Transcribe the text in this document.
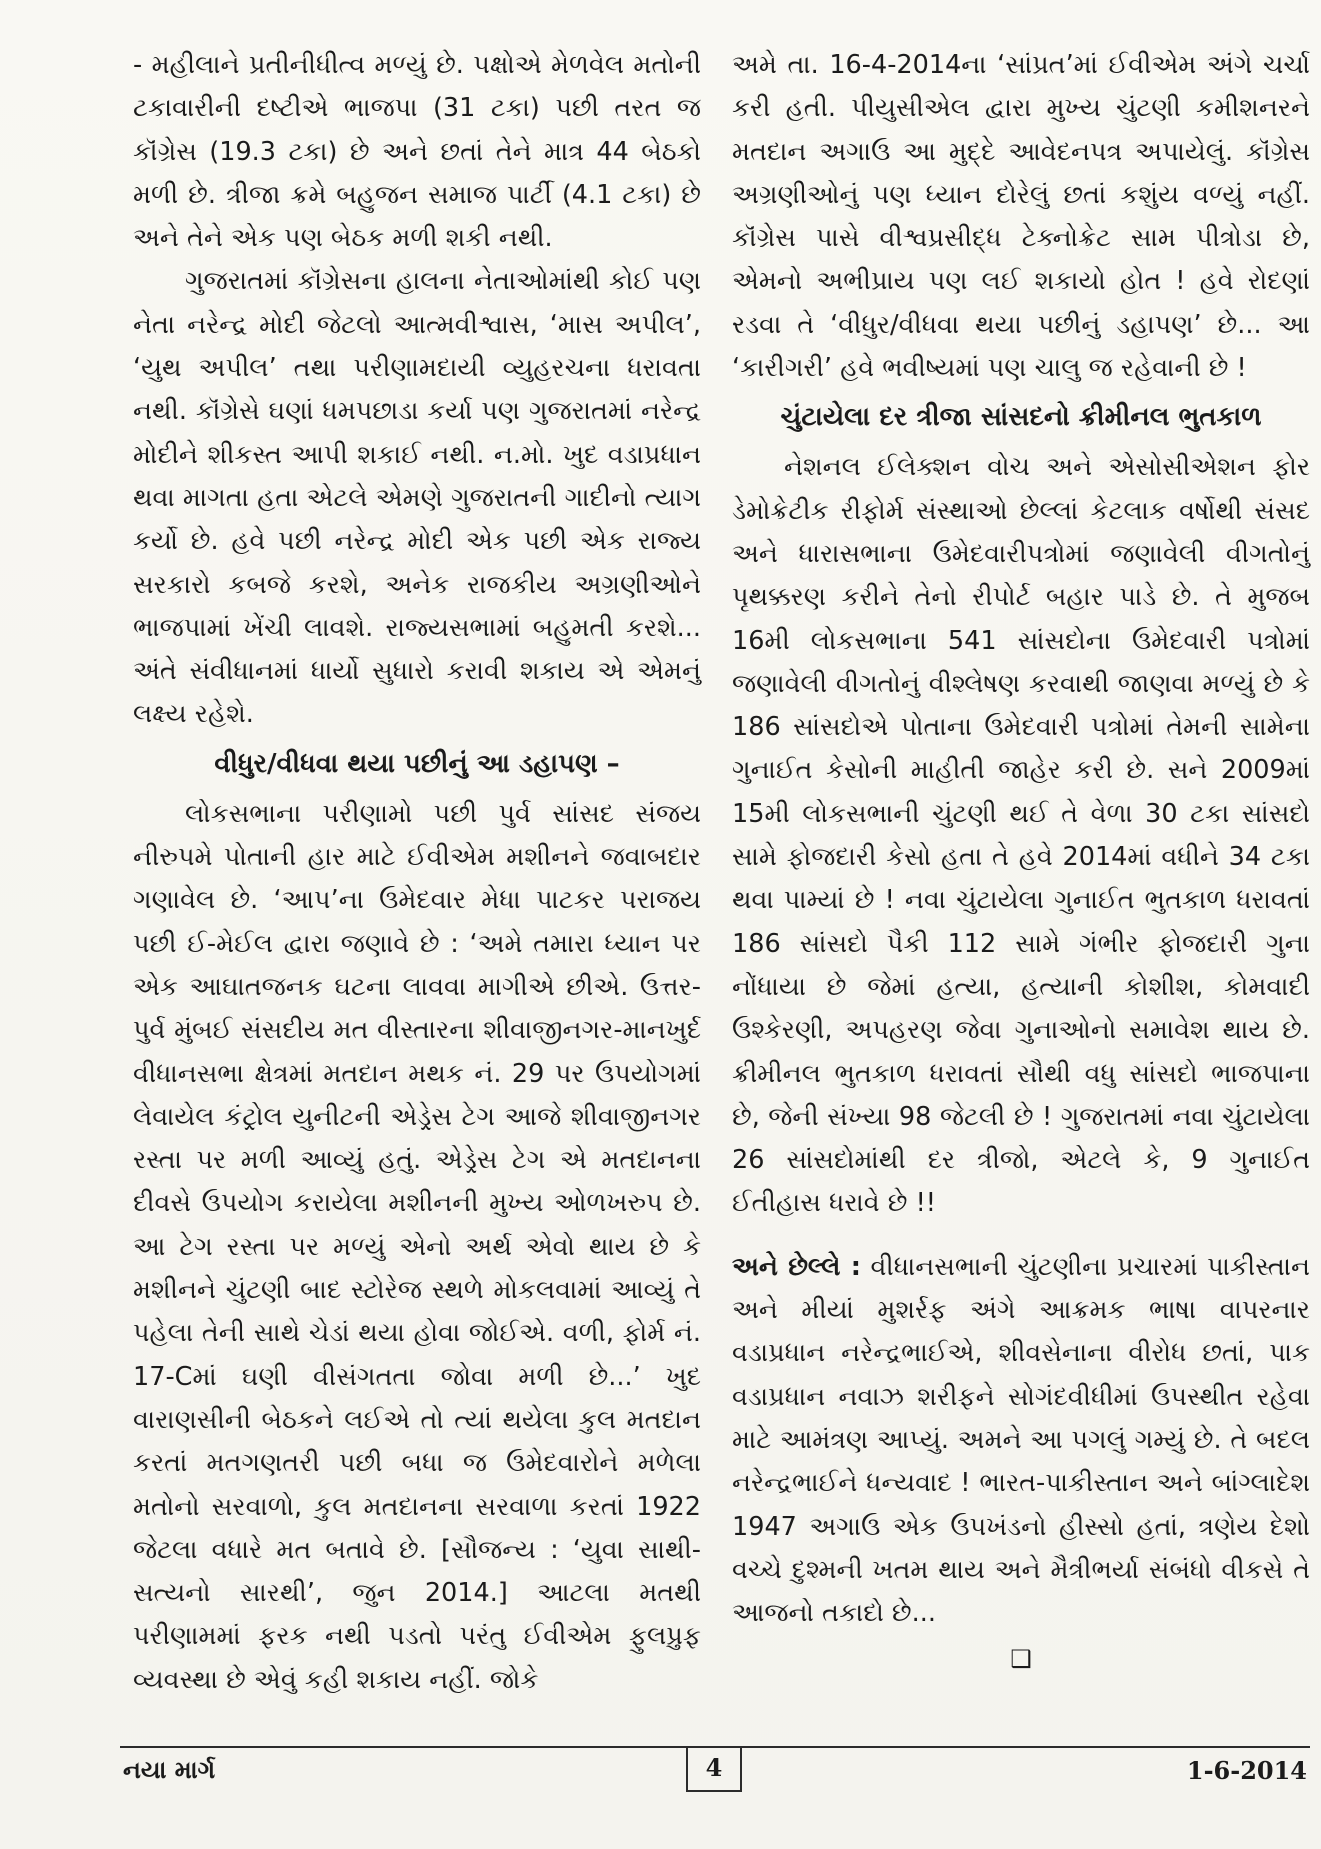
- મહીલાને પ્રતીનીધીત્વ મળ્યું છે. પક્ષોએ મેળવેલ મતોની ટકાવારીની દષ્ટીએ ભાજપા (31 ટકા) પછી તરત જ કૉંગ્રેસ (19.3 ટકા) છે અને છતાં તેને માત્ર 44 બેઠકો મળી છે. ત્રીજા ક્રમે બહુજન સમાજ પાર્ટી (4.1 ટકા) છે અને તેને એક પણ બેઠક મળી શકી નથી.

ગુજરાતમાં કૉંગ્રેસના હાલના નેતાઓમાંથી કોઈ પણ નેતા નરેન્દ્ર મોદી જેટલો આત્મવીશ્વાસ, ‘માસ અપીલ’, ‘યુથ અપીલ’ તથા પરીણામદાયી વ્યુહરચના ધરાવતા નથી. કૉંગ્રેસે ઘણાં ધમપછાડા કર્યા પણ ગુજરાતમાં નરેન્દ્ર મોદીને શીકસ્ત આપી શકાઈ નથી. ન.મો. ખુદ વડાપ્રધાન થવા માગતા હતા એટલે એમણે ગુજરાતની ગાદીનો ત્યાગ કર્યો છે. હવે પછી નરેન્દ્ર મોદી એક પછી એક રાજ્ય સરકારો કબજે કરશે, અનેક રાજકીય અગ્રણીઓને ભાજપામાં ખેંચી લાવશે. રાજ્યસભામાં બહુમતી કરશે... અંતે સંવીધાનમાં ધાર્યો સુધારો કરાવી શકાય એ એમનું લક્ષ્ય રહેશે.

વીધુર/વીધવા થયા પછીનું આ ડહાપણ –

લોકસભાના પરીણામો પછી પુર્વ સાંસદ સંજય નીરુપમે પોતાની હાર માટે ઈવીએમ મશીનને જવાબદાર ગણાવેલ છે. ‘આપ’ના ઉમેદવાર મેધા પાટકર પરાજય પછી ઈ-મેઈલ દ્વારા જણાવે છે : ‘અમે તમારા ધ્યાન પર એક આઘાતજનક ઘટના લાવવા માગીએ છીએ. ઉત્તર-પુર્વ મુંબઈ સંસદીય મત વીસ્તારના શીવાજીનગર-માનખુર્દ વીધાનસભા ક્ષેત્રમાં મતદાન મથક નં. 29 પર ઉપયોગમાં લેવાયેલ કંટ્રોલ યુનીટની એડ્રેસ ટેગ આજે શીવાજીનગર રસ્તા પર મળી આવ્યું હતું. એડ્રેસ ટેગ એ મતદાનના દીવસે ઉપયોગ કરાયેલા મશીનની મુખ્ય ઓળખરુપ છે. આ ટેગ રસ્તા પર મળ્યું એનો અર્થ એવો થાય છે કે મશીનને ચુંટણી બાદ સ્ટોરેજ સ્થળે મોકલવામાં આવ્યું તે પહેલા તેની સાથે ચેડાં થયા હોવા જોઈએ. વળી, ફોર્મ નં. 17-Cમાં ઘણી વીસંગતતા જોવા મળી છે...’ ખુદ વારાણસીની બેઠકને લઈએ તો ત્યાં થયેલા કુલ મતદાન કરતાં મતગણતરી પછી બધા જ ઉમેદવારોને મળેલા મતોનો સરવાળો, કુલ મતદાનના સરવાળા કરતાં 1922 જેટલા વધારે મત બતાવે છે. [સૌજન્ય : ‘યુવા સાથી-સત્યનો સારથી’, જુન 2014.] આટલા મતથી પરીણામમાં ફરક નથી પડતો પરંતુ ઈવીએમ ફુલપ્રુફ વ્યવસ્થા છે એવું કહી શકાય નહીં. જોકે

અમે તા. 16-4-2014ના ‘સાંપ્રત’માં ઈવીએમ અંગે ચર્ચા કરી હતી. પીયુસીએલ દ્વારા મુખ્ય ચુંટણી કમીશનરને મતદાન અગાઉ આ મુદ્દે આવેદનપત્ર અપાયેલું. કૉંગ્રેસ અગ્રણીઓનું પણ ધ્યાન દોરેલું છતાં કશુંય વળ્યું નહીં. કૉંગ્રેસ પાસે વીશ્વપ્રસીદ્ધ ટેક્નોક્રેટ સામ પીત્રોડા છે, એમનો અભીપ્રાય પણ લઈ શકાયો હોત ! હવે રોદણાં રડવા તે ‘વીધુર/વીધવા થયા પછીનું ડહાપણ’ છે... આ ‘કારીગરી’ હવે ભવીષ્યમાં પણ ચાલુ જ રહેવાની છે !

ચુંટાયેલા દર ત્રીજા સાંસદનો ક્રીમીનલ ભુતકાળ

નેશનલ ઈલેક્શન વોચ અને એસોસીએશન ફોર ડેમોક્રેટીક રીફોર્મ સંસ્થાઓ છેલ્લાં કેટલાક વર્ષોથી સંસદ અને ધારાસભાના ઉમેદવારીપત્રોમાં જણાવેલી વીગતોનું પૃથક્કરણ કરીને તેનો રીપોર્ટ બહાર પાડે છે. તે મુજબ 16મી લોકસભાના 541 સાંસદોના ઉમેદવારી પત્રોમાં જણાવેલી વીગતોનું વીશ્લેષણ કરવાથી જાણવા મળ્યું છે કે 186 સાંસદોએ પોતાના ઉમેદવારી પત્રોમાં તેમની સામેના ગુનાઈત કેસોની માહીતી જાહેર કરી છે. સને 2009માં 15મી લોકસભાની ચુંટણી થઈ તે વેળા 30 ટકા સાંસદો સામે ફોજદારી કેસો હતા તે હવે 2014માં વધીને 34 ટકા થવા પામ્યાં છે ! નવા ચુંટાયેલા ગુનાઈત ભુતકાળ ધરાવતાં 186 સાંસદો પૈકી 112 સામે ગંભીર ફોજદારી ગુના નોંધાયા છે જેમાં હત્યા, હત્યાની કોશીશ, કોમવાદી ઉશ્કેરણી, અપહરણ જેવા ગુનાઓનો સમાવેશ થાય છે. ક્રીમીનલ ભુતકાળ ધરાવતાં સૌથી વધુ સાંસદો ભાજપાના છે, જેની સંખ્યા 98 જેટલી છે ! ગુજરાતમાં નવા ચુંટાયેલા 26 સાંસદોમાંથી દર ત્રીજો, એટલે કે, 9 ગુનાઈત ઈતીહાસ ધરાવે છે !!

અને છેલ્લે : વીધાનસભાની ચુંટણીના પ્રચારમાં પાકીસ્તાન અને મીયાં મુશર્રફ અંગે આક્રમક ભાષા વાપરનાર વડાપ્રધાન નરેન્દ્રભાઈએ, શીવસેનાના વીરોધ છતાં, પાક વડાપ્રધાન નવાઝ શરીફને સોગંદવીધીમાં ઉપસ્થીત રહેવા માટે આમંત્રણ આપ્યું. અમને આ પગલું ગમ્યું છે. તે બદલ નરેન્દ્રભાઈને ધન્યવાદ ! ભારત-પાકીસ્તાન અને બાંગ્લાદેશ 1947 અગાઉ એક ઉપખંડનો હીસ્સો હતાં, ત્રણેય દેશો વચ્ચે દુશ્મની ખતમ થાય અને મૈત્રીભર્યા સંબંધો વીકસે તે આજનો તકાદો છે...

❑
નયા માર્ગ	4	1-6-2014
